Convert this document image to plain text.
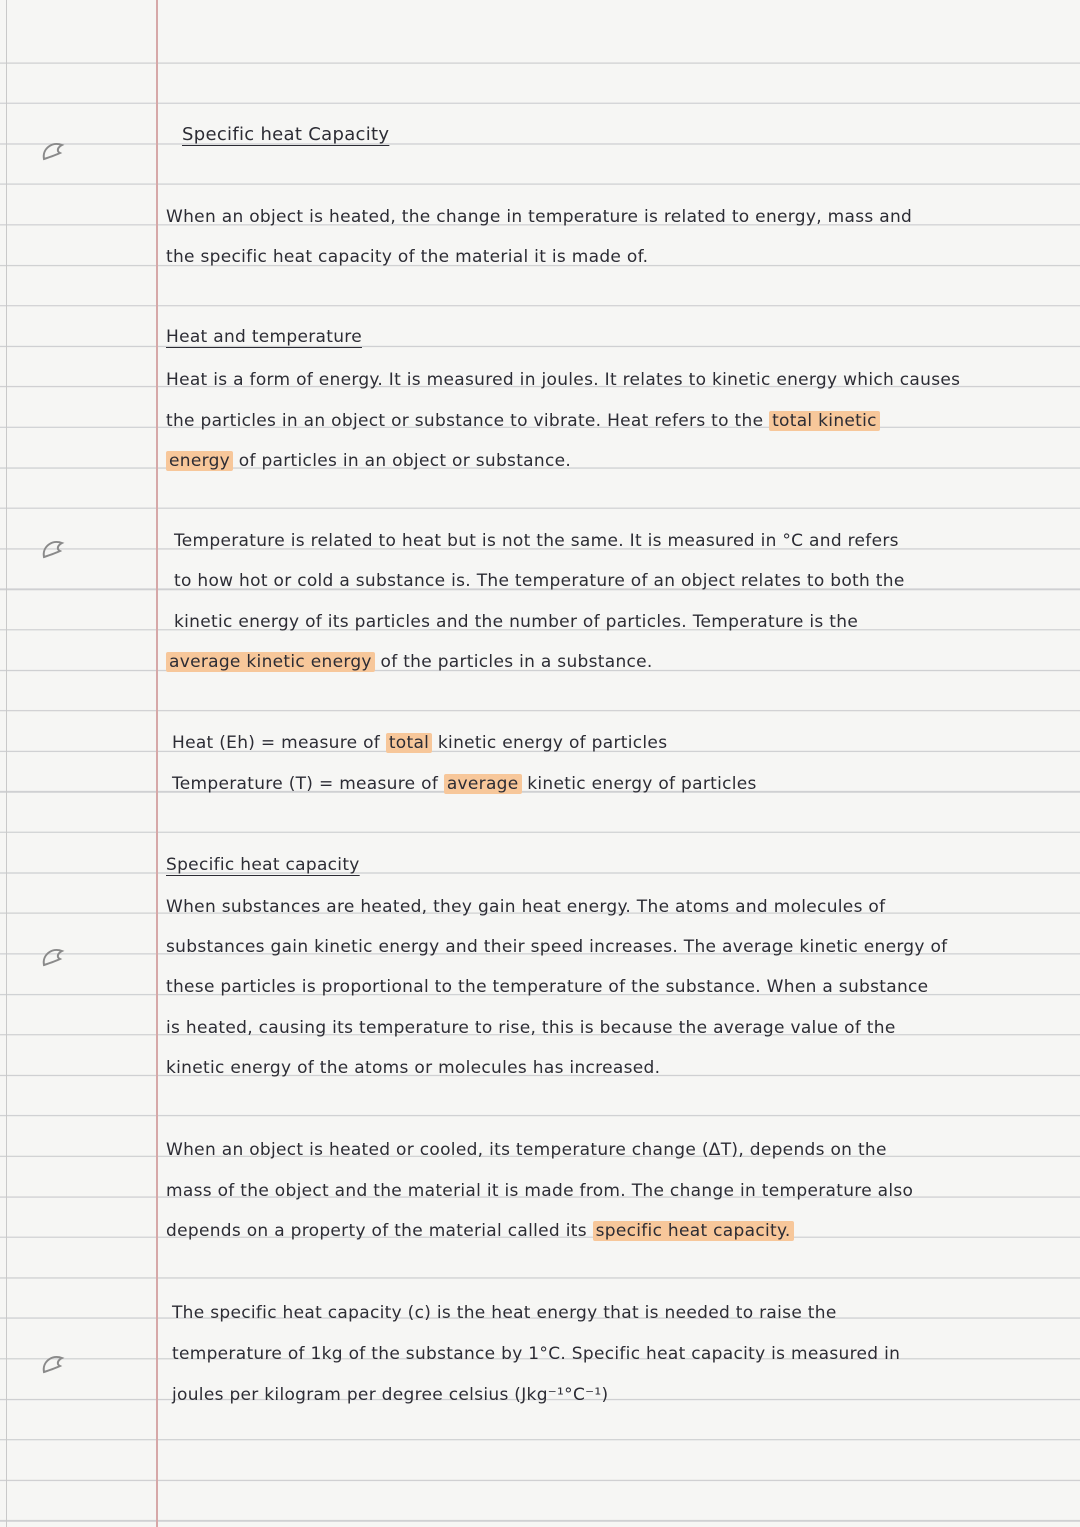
Specific heat Capacity
When an object is heated, the change in temperature is related to energy, mass and
the specific heat capacity of the material it is made of.
Heat and temperature
Heat is a form of energy. It is measured in joules. It relates to kinetic energy which causes
the particles in an object or substance to vibrate. Heat refers to the total kinetic
energy of particles in an object or substance.
Temperature is related to heat but is not the same. It is measured in °C and refers
to how hot or cold a substance is. The temperature of an object relates to both the
kinetic energy of its particles and the number of particles. Temperature is the
average kinetic energy of the particles in a substance.
Heat (Eh) = measure of total kinetic energy of particles
Temperature (T) = measure of average kinetic energy of particles
Specific heat capacity
When substances are heated, they gain heat energy. The atoms and molecules of
substances gain kinetic energy and their speed increases. The average kinetic energy of
these particles is proportional to the temperature of the substance. When a substance
is heated, causing its temperature to rise, this is because the average value of the
kinetic energy of the atoms or molecules has increased.
When an object is heated or cooled, its temperature change (ΔT), depends on the
mass of the object and the material it is made from. The change in temperature also
depends on a property of the material called its specific heat capacity.
The specific heat capacity (c) is the heat energy that is needed to raise the
temperature of 1kg of the substance by 1°C. Specific heat capacity is measured in
joules per kilogram per degree celsius (Jkg⁻¹°C⁻¹)
